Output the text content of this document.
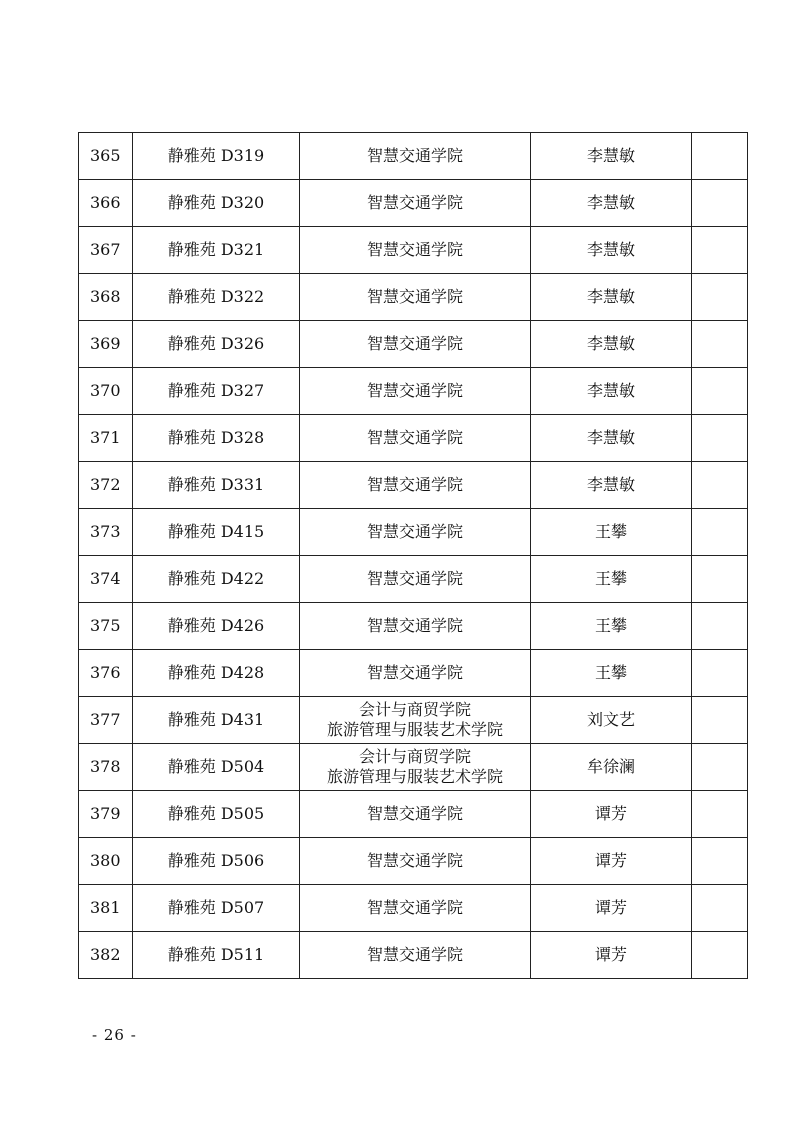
365	静雅苑 D319	智慧交通学院	李慧敏	
366	静雅苑 D320	智慧交通学院	李慧敏	
367	静雅苑 D321	智慧交通学院	李慧敏	
368	静雅苑 D322	智慧交通学院	李慧敏	
369	静雅苑 D326	智慧交通学院	李慧敏	
370	静雅苑 D327	智慧交通学院	李慧敏	
371	静雅苑 D328	智慧交通学院	李慧敏	
372	静雅苑 D331	智慧交通学院	李慧敏	
373	静雅苑 D415	智慧交通学院	王攀	
374	静雅苑 D422	智慧交通学院	王攀	
375	静雅苑 D426	智慧交通学院	王攀	
376	静雅苑 D428	智慧交通学院	王攀	
377	静雅苑 D431	会计与商贸学院
旅游管理与服装艺术学院	刘文艺	
378	静雅苑 D504	会计与商贸学院
旅游管理与服装艺术学院	牟徐澜	
379	静雅苑 D505	智慧交通学院	谭芳	
380	静雅苑 D506	智慧交通学院	谭芳	
381	静雅苑 D507	智慧交通学院	谭芳	
382	静雅苑 D511	智慧交通学院	谭芳	
- 26 -
